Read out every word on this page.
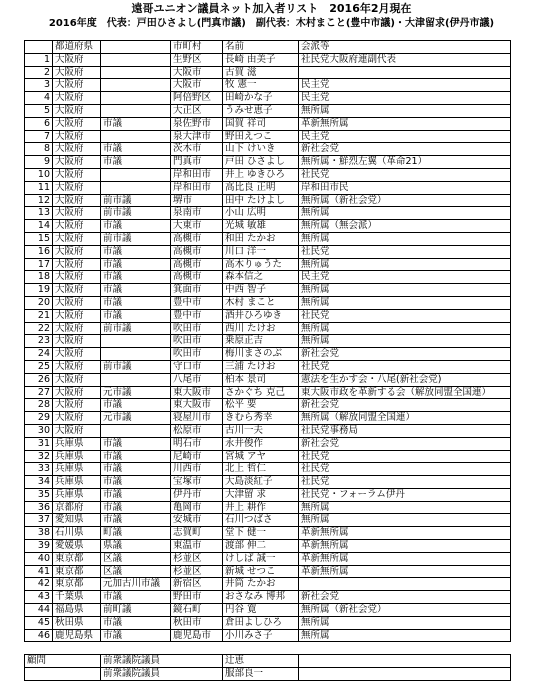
遠哥ユニオン議員ネット加入者リスト　2016年2月現在
2016年度　代表：戸田ひさよし(門真市議)　副代表：木村まこと(豊中市議)・大津留求(伊丹市議)
	都道府県		市町村	名前	会派等
1	大阪府		生野区	長崎 由美子	社民党大阪府連副代表
2	大阪府		大阪市	古賀 滋	
3	大阪府		大阪市	牧 憲一	民主党
4	大阪府		阿倍野区	田崎かな子	民主党
5	大阪府		大正区	うみせ恵子	無所属
6	大阪府	市議	泉佐野市	国賀 祥司	革新無所属
7	大阪府		泉大津市	野田えつこ	民主党
8	大阪府	市議	茨木市	山下 けいき	新社会党
9	大阪府	市議	門真市	戸田 ひさよし	無所属・鮮烈左翼（革命21）
10	大阪府		岸和田市	井上 ゆきひろ	社民党
11	大阪府		岸和田市	高比良 正明	岸和田市民
12	大阪府	前市議	堺市	田中 たけよし	無所属（新社会党）
13	大阪府	前市議	泉南市	小山 広明	無所属
14	大阪府	市議	大東市	光城 敏雄	無所属（無会派）
15	大阪府	前市議	高槻市	和田 たかお	無所属
16	大阪府	市議	高槻市	川口 洋一	社民党
17	大阪府	市議	高槻市	高木りゅうた	無所属
18	大阪府	市議	高槻市	森本信之	民主党
19	大阪府	市議	箕面市	中西 智子	無所属
20	大阪府	市議	豊中市	木村 まこと	無所属
21	大阪府	市議	豊中市	酒井ひろゆき	社民党
22	大阪府	前市議	吹田市	西川 たけお	無所属
23	大阪府		吹田市	乗原正吉	無所属
24	大阪府		吹田市	梅川まさのぶ	新社会党
25	大阪府	前市議	守口市	三浦 たけお	社民党
26	大阪府		八尾市	柏本 景司	憲法を生かす会・八尾(新社会党)
27	大阪府	元市議	東大阪市	さかぐち 克己	東大阪市政を革新する会（解放同盟全国連）
28	大阪府	市議	東大阪市	松平 要	新社会党
29	大阪府	元市議	寝屋川市	きむら秀幸	無所属（解放同盟全国連）
30	大阪府		松原市	古川一夫	社民党事務局
31	兵庫県	市議	明石市	永井俊作	新社会党
32	兵庫県	市議	尼崎市	宮城 アヤ	社民党
33	兵庫県	市議	川西市	北上 哲仁	社民党
34	兵庫県	市議	宝塚市	大島淡紅子	社民党
35	兵庫県	市議	伊丹市	大津留 求	社民党・フォーラム伊丹
36	京都府	市議	亀岡市	井上 耕作	無所属
37	愛知県	市議	安城市	石川つばさ	無所属
38	石川県	町議	志賀町	堂下 健一	革新無所属
39	愛媛県	県議	東温市	渡部 伸二	革新無所属
40	東京都	区議	杉並区	けしば 誠一	革新無所属
41	東京都	区議	杉並区	新城 せつこ	革新無所属
42	東京都	元加古川市議	新宿区	井筒 たかお	
43	千葉県	市議	野田市	おさなみ 博邦	新社会党
44	福島県	前町議	鏡石町	円谷 寛	無所属（新社会党）
45	秋田県	市議	秋田市	倉田よしひろ	無所属
46	鹿児島県	市議	鹿児島市	小川みさ子	無所属

顧問		前衆議院議員		辻恵	
		前衆議院議員		服部良一	
